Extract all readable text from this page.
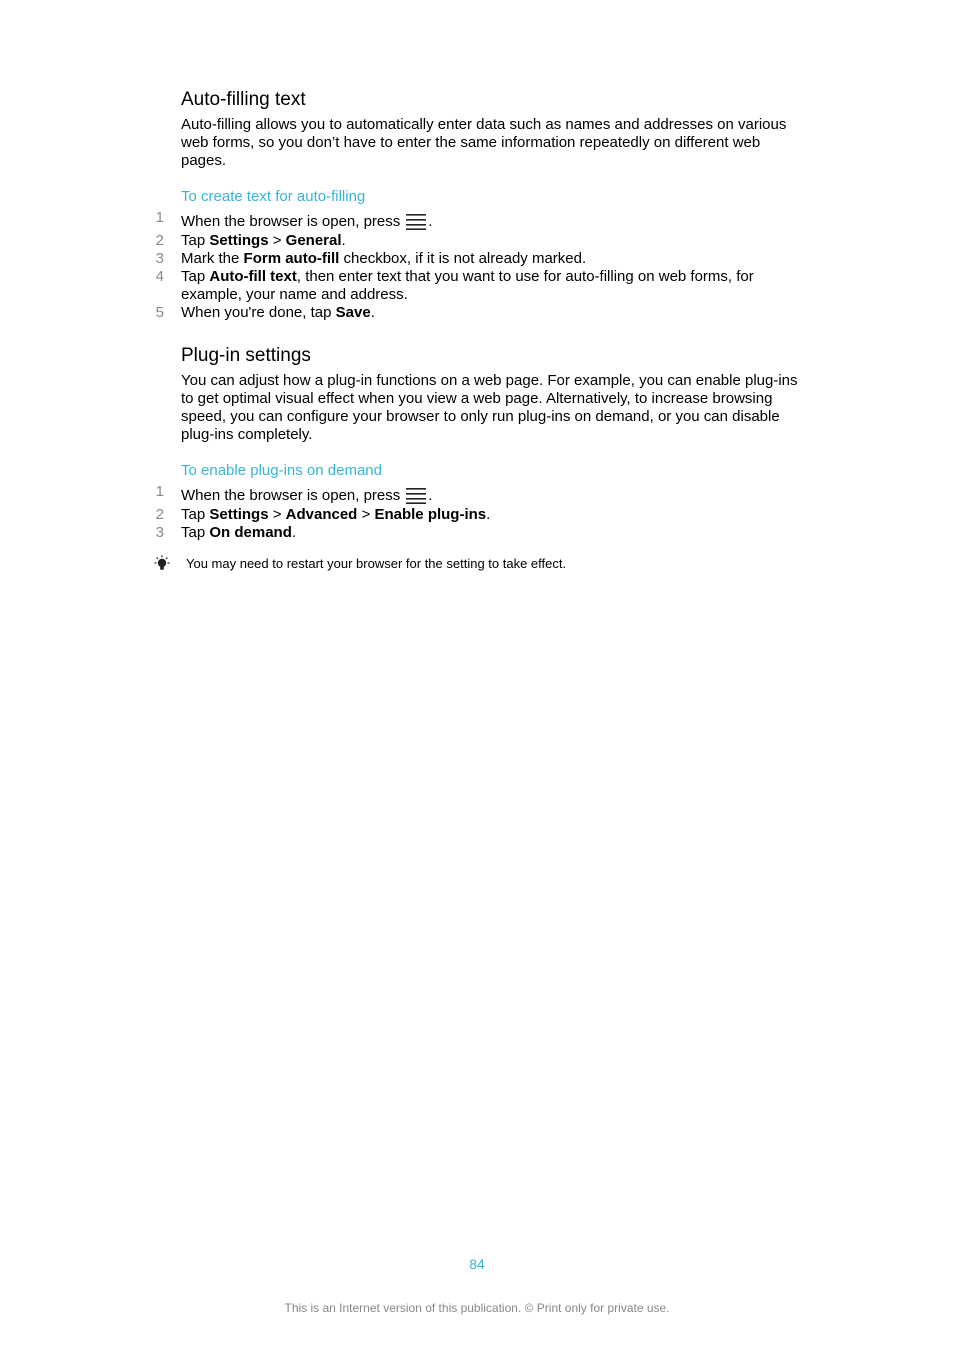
Auto-filling text

Auto-filling allows you to automatically enter data such as names and addresses on various web forms, so you don’t have to enter the same information repeatedly on different web pages.

To create text for auto-filling
1 When the browser is open, press .
2 Tap Settings > General.
3 Mark the Form auto-fill checkbox, if it is not already marked.
4 Tap Auto-fill text, then enter text that you want to use for auto-filling on web forms, for example, your name and address.
5 When you're done, tap Save.
Plug-in settings

You can adjust how a plug-in functions on a web page. For example, you can enable plug-ins to get optimal visual effect when you view a web page. Alternatively, to increase browsing speed, you can configure your browser to only run plug-ins on demand, or you can disable plug-ins completely.

To enable plug-ins on demand
1 When the browser is open, press .
2 Tap Settings > Advanced > Enable plug-ins.
3 Tap On demand.
You may need to restart your browser for the setting to take effect.
84
This is an Internet version of this publication. © Print only for private use.
